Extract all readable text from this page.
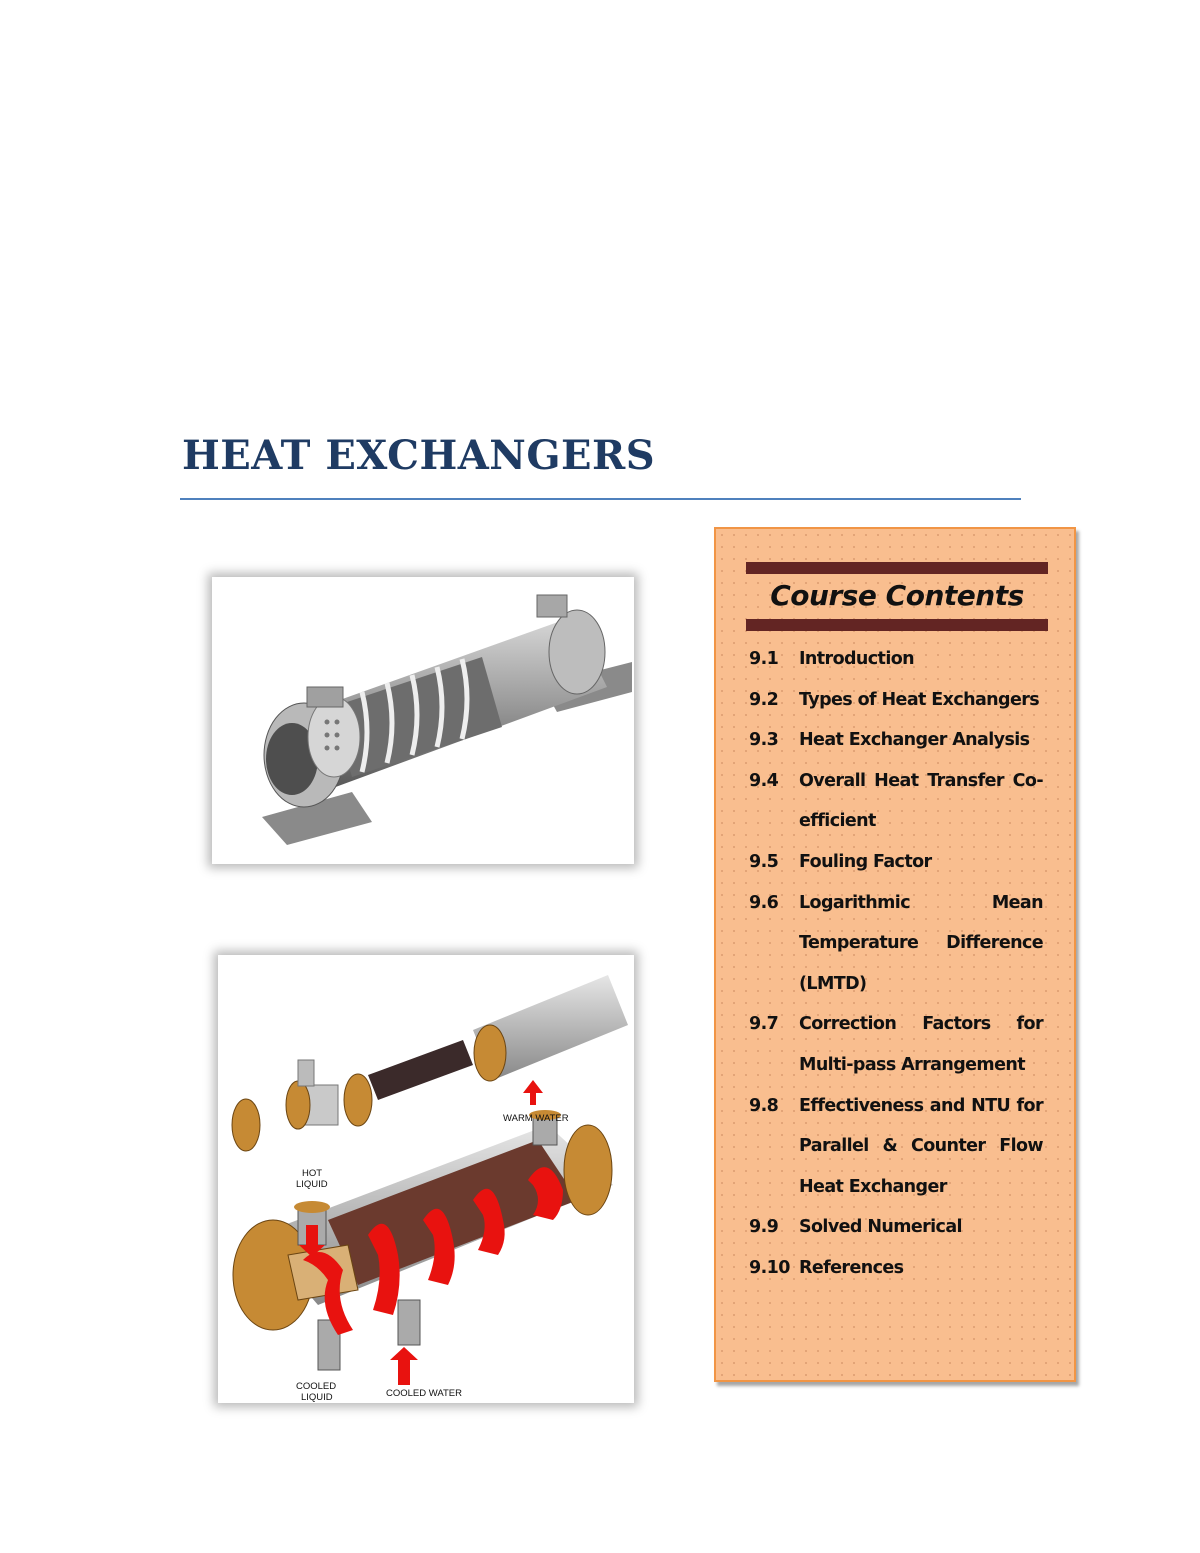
HEAT EXCHANGERS
WARM WATER
HOT
LIQUID
COOLED
LIQUID	COOLED WATER
Course Contents
9.1	Introduction
9.2	Types of Heat Exchangers
9.3	Heat Exchanger Analysis
9.4	Overall Heat Transfer Co-
efficient
9.5	Fouling Factor
9.6	Logarithmic Mean
Temperature Difference
(LMTD)
9.7	Correction Factors for
Multi-pass Arrangement
9.8	Effectiveness and NTU for
Parallel & Counter Flow
Heat Exchanger
9.9	Solved Numerical
9.10 References
